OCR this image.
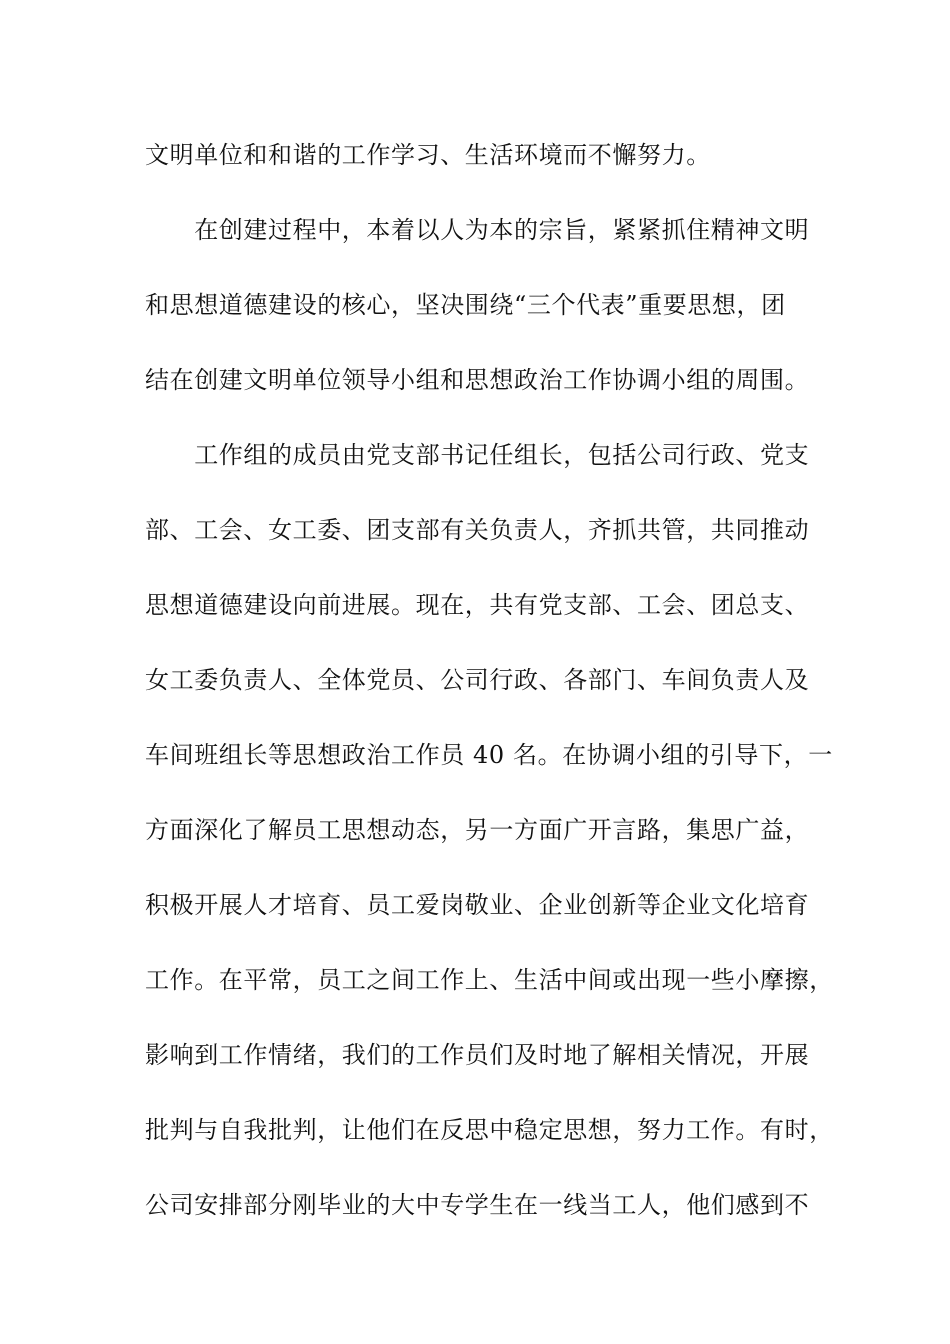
文明单位和和谐的工作学习、生活环境而不懈努力。
　　在创建过程中，本着以人为本的宗旨，紧紧抓住精神文明
和思想道德建设的核心，坚决围绕“三个代表”重要思想，团
结在创建文明单位领导小组和思想政治工作协调小组的周围。
　　工作组的成员由党支部书记任组长，包括公司行政、党支
部、工会、女工委、团支部有关负责人，齐抓共管，共同推动
思想道德建设向前进展。现在，共有党支部、工会、团总支、
女工委负责人、全体党员、公司行政、各部门、车间负责人及
车间班组长等思想政治工作员 40 名。在协调小组的引导下，一
方面深化了解员工思想动态，另一方面广开言路，集思广益，
积极开展人才培育、员工爱岗敬业、企业创新等企业文化培育
工作。在平常，员工之间工作上、生活中间或出现一些小摩擦，
影响到工作情绪，我们的工作员们及时地了解相关情况，开展
批判与自我批判，让他们在反思中稳定思想，努力工作。有时，
公司安排部分刚毕业的大中专学生在一线当工人，他们感到不
